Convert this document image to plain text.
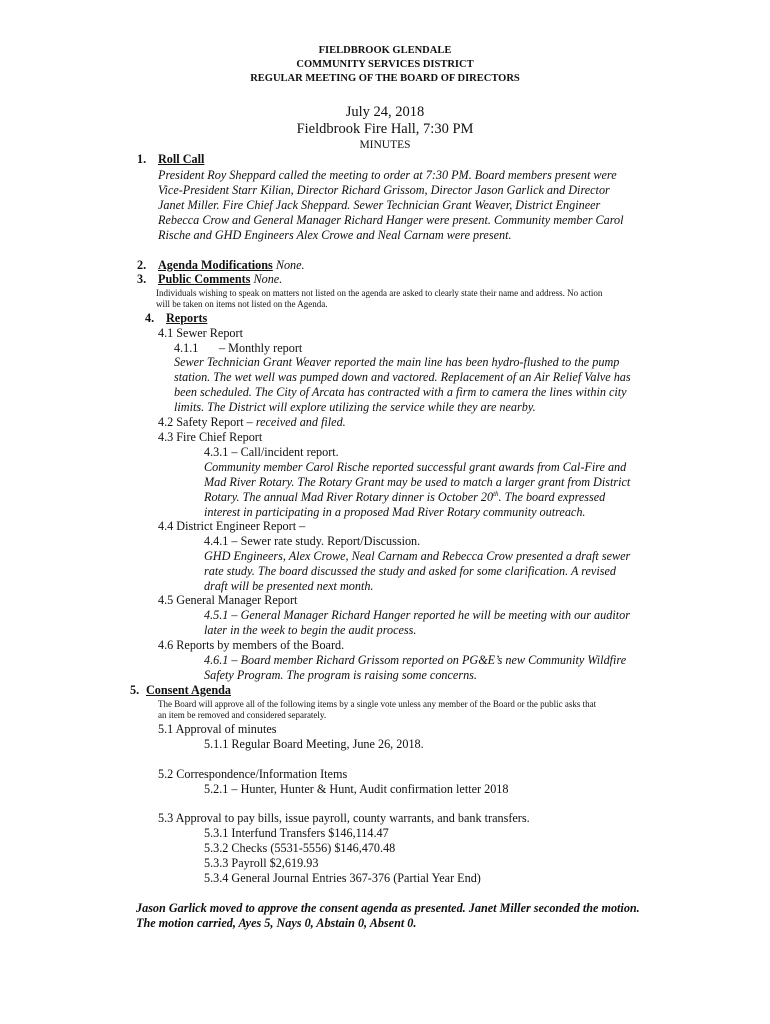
FIELDBROOK GLENDALE
COMMUNITY SERVICES DISTRICT
REGULAR MEETING OF THE BOARD OF DIRECTORS
July 24, 2018
Fieldbrook Fire Hall, 7:30 PM
MINUTES
1. Roll Call
President Roy Sheppard called the meeting to order at 7:30 PM. Board members present were
Vice-President Starr Kilian, Director Richard Grissom, Director Jason Garlick and Director
Janet Miller. Fire Chief Jack Sheppard. Sewer Technician Grant Weaver, District Engineer
Rebecca Crow and General Manager Richard Hanger were present. Community member Carol
Rische and GHD Engineers Alex Crowe and Neal Carnam were present.
2. Agenda Modifications None.
3. Public Comments None.
Individuals wishing to speak on matters not listed on the agenda are asked to clearly state their name and address. No action
will be taken on items not listed on the Agenda.
4. Reports
4.1 Sewer Report
4.1.1 – Monthly report
Sewer Technician Grant Weaver reported the main line has been hydro-flushed to the pump
station. The wet well was pumped down and vactored. Replacement of an Air Relief Valve has
been scheduled. The City of Arcata has contracted with a firm to camera the lines within city
limits. The District will explore utilizing the service while they are nearby.
4.2 Safety Report – received and filed.
4.3 Fire Chief Report
4.3.1 – Call/incident report.
Community member Carol Rische reported successful grant awards from Cal-Fire and
Mad River Rotary. The Rotary Grant may be used to match a larger grant from District
Rotary. The annual Mad River Rotary dinner is October 20th. The board expressed
interest in participating in a proposed Mad River Rotary community outreach.
4.4 District Engineer Report –
4.4.1 – Sewer rate study. Report/Discussion.
GHD Engineers, Alex Crowe, Neal Carnam and Rebecca Crow presented a draft sewer
rate study. The board discussed the study and asked for some clarification. A revised
draft will be presented next month.
4.5 General Manager Report
4.5.1 – General Manager Richard Hanger reported he will be meeting with our auditor
later in the week to begin the audit process.
4.6 Reports by members of the Board.
4.6.1 – Board member Richard Grissom reported on PG&E’s new Community Wildfire
Safety Program. The program is raising some concerns.
5. Consent Agenda
The Board will approve all of the following items by a single vote unless any member of the Board or the public asks that
an item be removed and considered separately.
5.1 Approval of minutes
5.1.1 Regular Board Meeting, June 26, 2018.
5.2 Correspondence/Information Items
5.2.1 – Hunter, Hunter & Hunt, Audit confirmation letter 2018
5.3 Approval to pay bills, issue payroll, county warrants, and bank transfers.
5.3.1 Interfund Transfers $146,114.47
5.3.2 Checks (5531-5556) $146,470.48
5.3.3 Payroll $2,619.93
5.3.4 General Journal Entries 367-376 (Partial Year End)
Jason Garlick moved to approve the consent agenda as presented. Janet Miller seconded the motion.
The motion carried, Ayes 5, Nays 0, Abstain 0, Absent 0.
